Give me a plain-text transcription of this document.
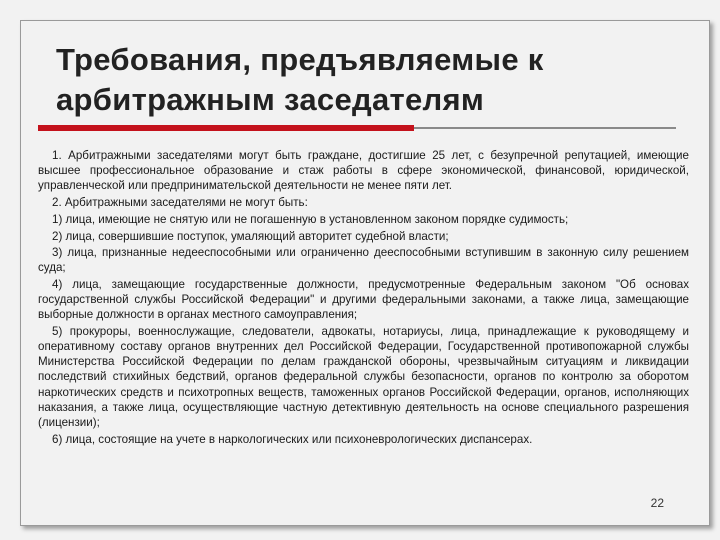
Требования, предъявляемые к
арбитражным заседателям

1. Арбитражными заседателями могут быть граждане, достигшие 25 лет, с безупречной репутацией, имеющие высшее профессиональное образование и стаж работы в сфере экономической, финансовой, юридической, управленческой или предпринимательской деятельности не менее пяти лет.

2. Арбитражными заседателями не могут быть:

1) лица, имеющие не снятую или не погашенную в установленном законом порядке судимость;

2) лица, совершившие поступок, умаляющий авторитет судебной власти;

3) лица, признанные недееспособными или ограниченно дееспособными вступившим в законную силу решением суда;

4) лица, замещающие государственные должности, предусмотренные Федеральным законом "Об основах государственной службы Российской Федерации" и другими федеральными законами, а также лица, замещающие выборные должности в органах местного самоуправления;

5) прокуроры, военнослужащие, следователи, адвокаты, нотариусы, лица, принадлежащие к руководящему и оперативному составу органов внутренних дел Российской Федерации, Государственной противопожарной службы Министерства Российской Федерации по делам гражданской обороны, чрезвычайным ситуациям и ликвидации последствий стихийных бедствий, органов федеральной службы безопасности, органов по контролю за оборотом наркотических средств и психотропных веществ, таможенных органов Российской Федерации, органов, исполняющих наказания, а также лица, осуществляющие частную детективную деятельность на основе специального разрешения (лицензии);

6) лица, состоящие на учете в наркологических или психоневрологических диспансерах.

22
